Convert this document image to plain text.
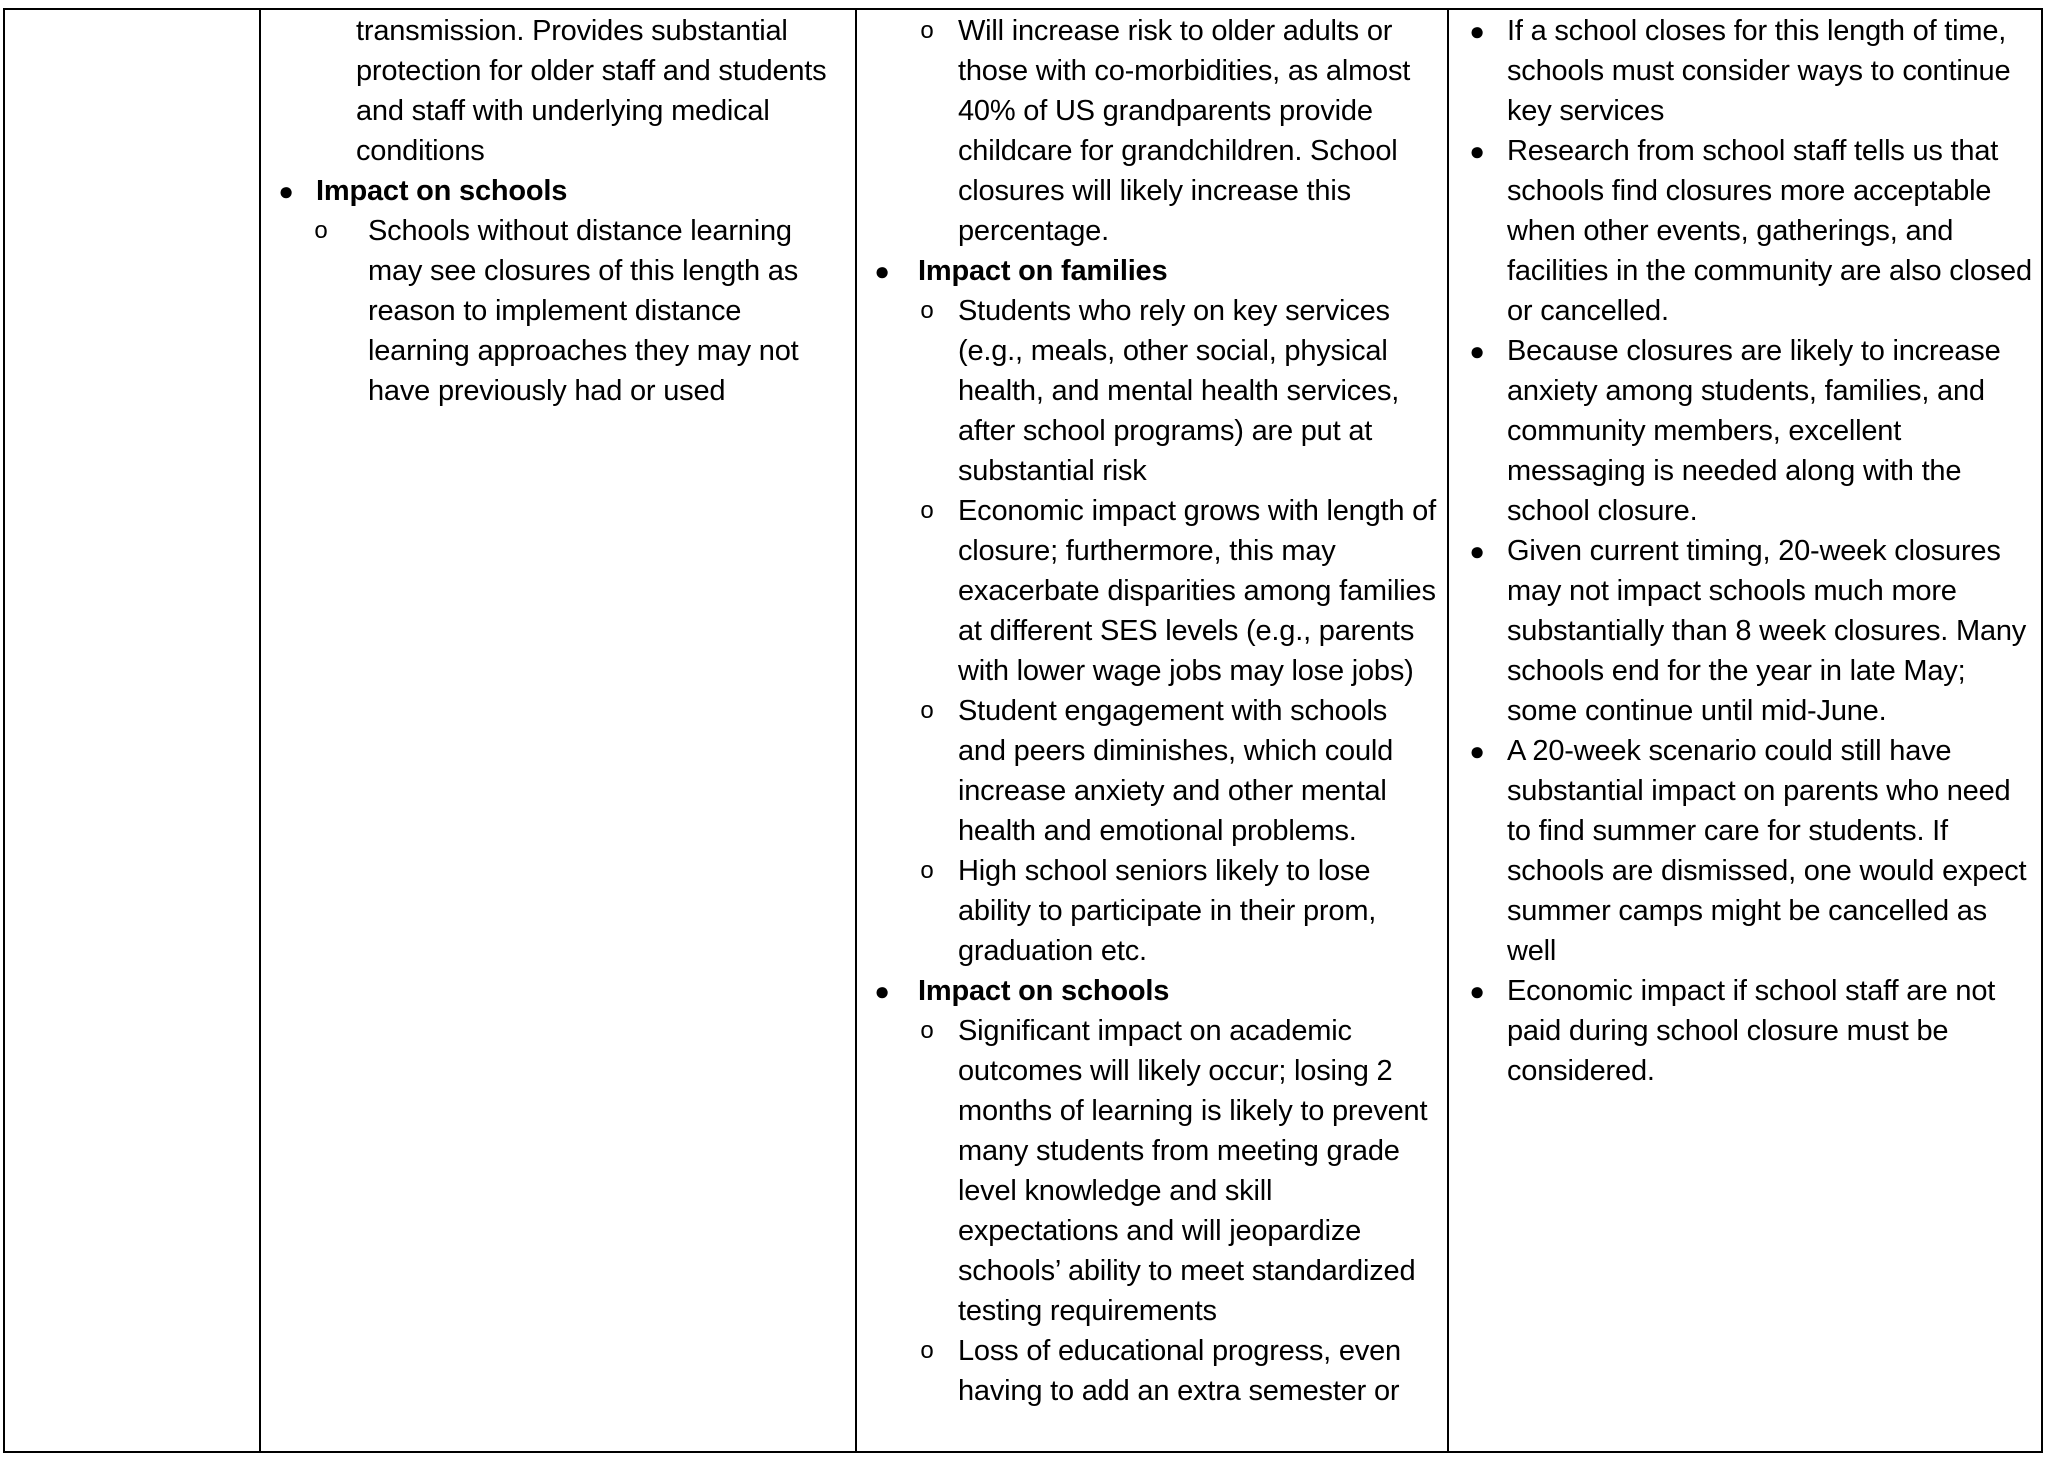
transmission. Provides substantial protection for older staff and students and staff with underlying medical conditions
● Impact on schools
o	Schools without distance learning may see closures of this length as reason to implement distance learning approaches they may not have previously had or used
o Will increase risk to older adults or those with co-morbidities, as almost 40% of US grandparents provide childcare for grandchildren. School closures will likely increase this percentage.
● Impact on families
o Students who rely on key services (e.g., meals, other social, physical health, and mental health services, after school programs) are put at substantial risk
o Economic impact grows with length of closure; furthermore, this may exacerbate disparities among families at different SES levels (e.g., parents with lower wage jobs may lose jobs)
o Student engagement with schools and peers diminishes, which could increase anxiety and other mental health and emotional problems.
o High school seniors likely to lose ability to participate in their prom, graduation etc.
● Impact on schools
o Significant impact on academic outcomes will likely occur; losing 2 months of learning is likely to prevent many students from meeting grade level knowledge and skill expectations and will jeopardize schools’ ability to meet standardized testing requirements
o Loss of educational progress, even having to add an extra semester or
● If a school closes for this length of time, schools must consider ways to continue key services
● Research from school staff tells us that schools find closures more acceptable when other events, gatherings, and facilities in the community are also closed or cancelled.
● Because closures are likely to increase anxiety among students, families, and community members, excellent messaging is needed along with the school closure.
● Given current timing, 20-week closures may not impact schools much more substantially than 8 week closures. Many schools end for the year in late May; some continue until mid-June.
● A 20-week scenario could still have substantial impact on parents who need to find summer care for students. If schools are dismissed, one would expect summer camps might be cancelled as well
● Economic impact if school staff are not paid during school closure must be considered.
